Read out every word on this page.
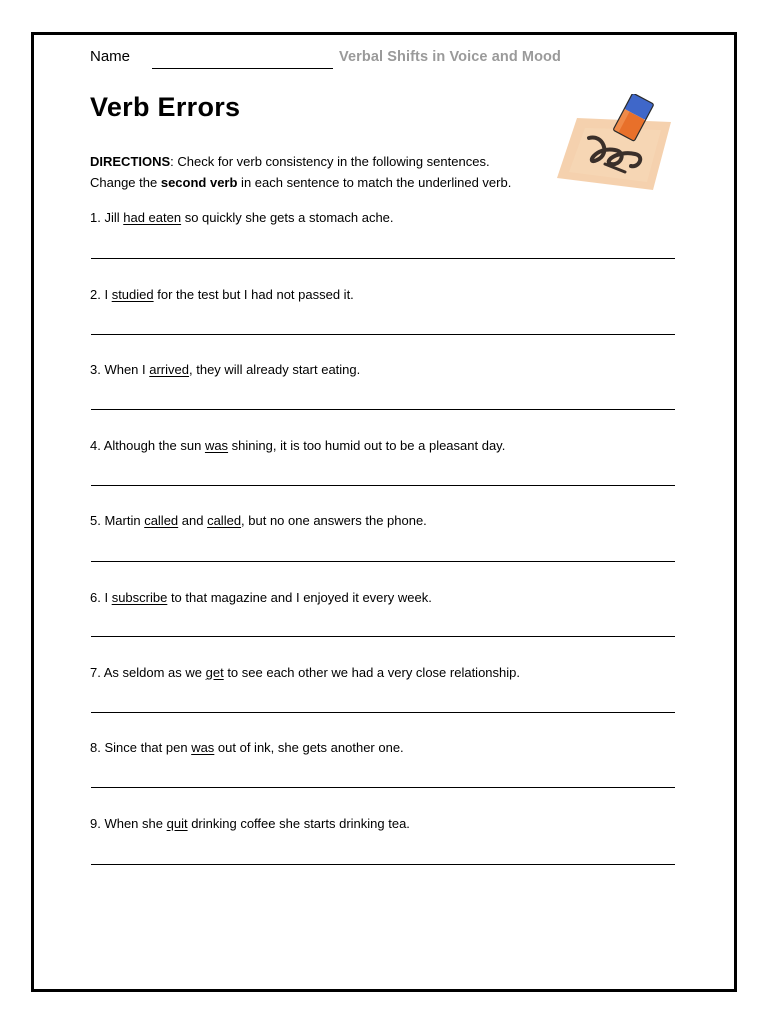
Name	Verbal Shifts in Voice and Mood
Verb Errors
DIRECTIONS: Check for verb consistency in the following sentences.
Change the second verb in each sentence to match the underlined verb.
1. Jill had eaten so quickly she gets a stomach ache.
2. I studied for the test but I had not passed it.
3. When I arrived, they will already start eating.
4. Although the sun was shining, it is too humid out to be a pleasant day.
5. Martin called and called, but no one answers the phone.
6. I subscribe to that magazine and I enjoyed it every week.
7. As seldom as we get to see each other we had a very close relationship.
8. Since that pen was out of ink, she gets another one.
9. When she quit drinking coffee she starts drinking tea.
